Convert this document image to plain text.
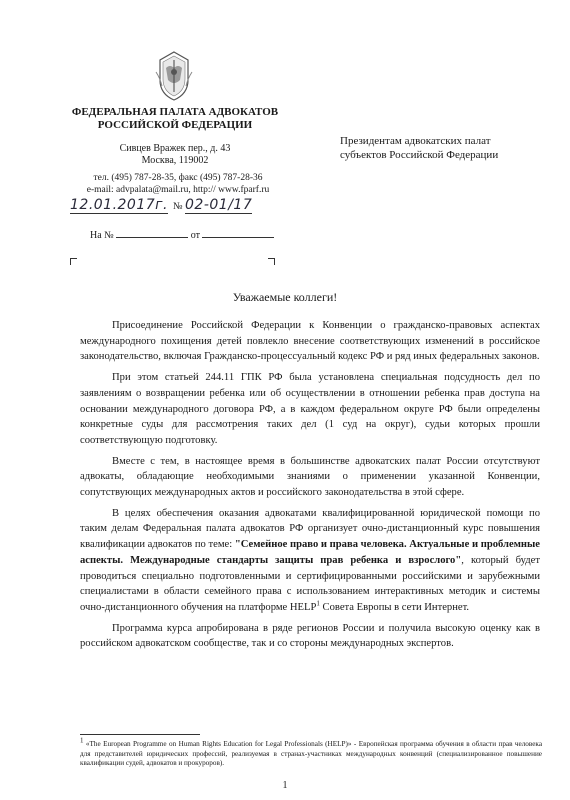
ФЕДЕРАЛЬНАЯ ПАЛАТА АДВОКАТОВ
РОССИЙСКОЙ ФЕДЕРАЦИИ
Сивцев Вражек пер., д. 43
Москва, 119002
тел. (495) 787-28-35, факс (495) 787-28-36
e-mail: advpalata@mail.ru, http:// www.fparf.ru
12.01.2017г. № 02-01/17
На №	от
Президентам адвокатских палат
субъектов Российской Федерации
Уважаемые коллеги!

Присоединение Российской Федерации к Конвенции о гражданско-правовых аспектах международного похищения детей повлекло внесение соответствующих изменений в российское законодательство, включая Гражданско-процессуальный кодекс РФ и ряд иных федеральных законов.

При этом статьей 244.11 ГПК РФ была установлена специальная подсудность дел по заявлениям о возвращении ребенка или об осуществлении в отношении ребенка прав доступа на основании международного договора РФ, а в каждом федеральном округе РФ были определены конкретные суды для рассмотрения таких дел (1 суд на округ), судьи которых прошли соответствующую подготовку.

Вместе с тем, в настоящее время в большинстве адвокатских палат России отсутствуют адвокаты, обладающие необходимыми знаниями о применении указанной Конвенции, сопутствующих международных актов и российского законодательства в этой сфере.

В целях обеспечения оказания адвокатами квалифицированной юридической помощи по таким делам Федеральная палата адвокатов РФ организует очно-дистанционный курс повышения квалификации адвокатов по теме: "Семейное право и права человека. Актуальные и проблемные аспекты. Международные стандарты защиты прав ребенка и взрослого", который будет проводиться специально подготовленными и сертифицированными российскими и зарубежными специалистами в области семейного права с использованием интерактивных методик и системы очно-дистанционного обучения на платформе HELP$^1$ Совета Европы в сети Интернет.

Программа курса апробирована в ряде регионов России и получила высокую оценку как в российском адвокатском сообществе, так и со стороны международных экспертов.

$^1$ «The European Programme on Human Rights Education for Legal Professionals (HELP)» - Европейская программа обучения в области прав человека для представителей юридических профессий, реализуемая в странах-участниках международных конвенций (специализированное повышение квалификации судей, адвокатов и прокуроров).
1
